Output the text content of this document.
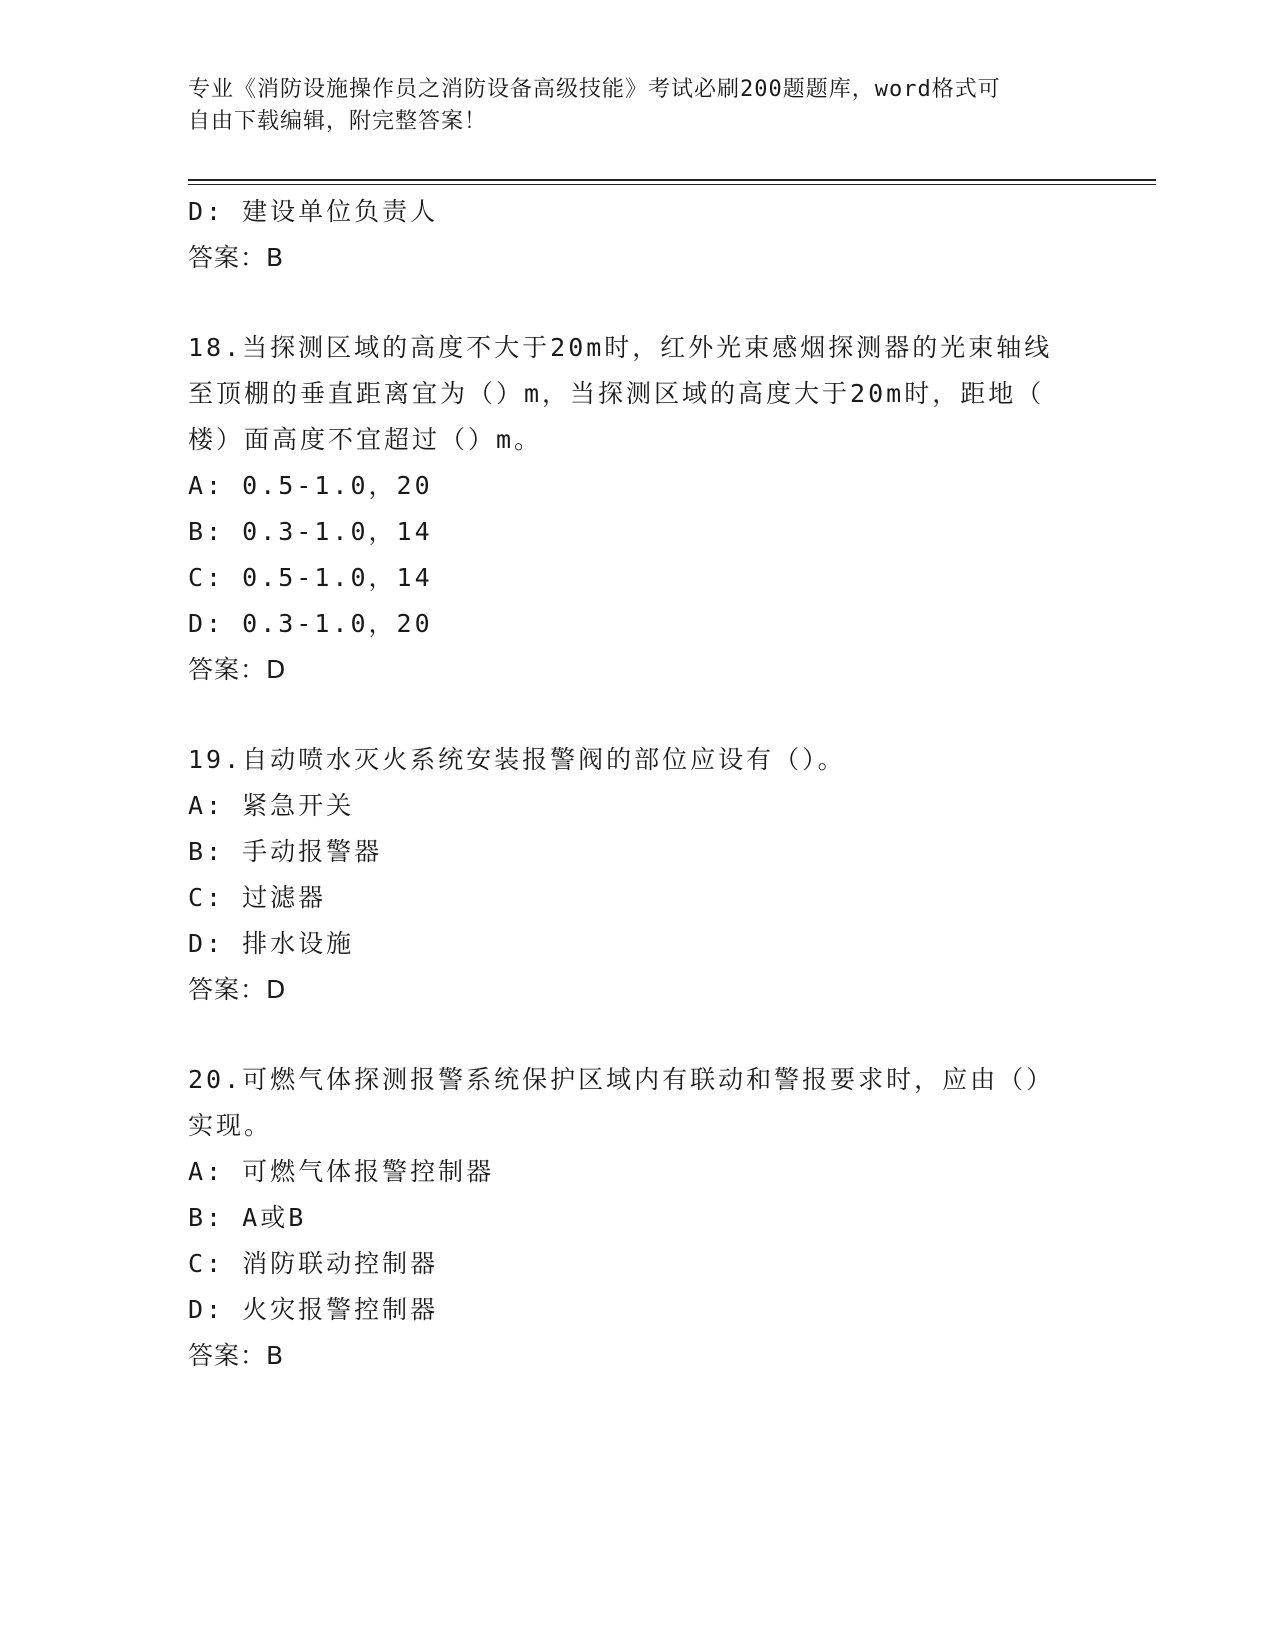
专业《消防设施操作员之消防设备高级技能》考试必刷200题题库，word格式可
自由下载编辑，附完整答案！
D: 建设单位负责人
答案：B
18.当探测区域的高度不大于20m时，红外光束感烟探测器的光束轴线
至顶棚的垂直距离宜为（）m，当探测区域的高度大于20m时，距地（
楼）面高度不宜超过（）m。
A: 0.5-1.0，20
B: 0.3-1.0，14
C: 0.5-1.0，14
D: 0.3-1.0，20
答案：D
19.自动喷水灭火系统安装报警阀的部位应设有（）。
A: 紧急开关
B: 手动报警器
C: 过滤器
D: 排水设施
答案：D
20.可燃气体探测报警系统保护区域内有联动和警报要求时，应由（）
实现。
A: 可燃气体报警控制器
B: A或B
C: 消防联动控制器
D: 火灾报警控制器
答案：B
